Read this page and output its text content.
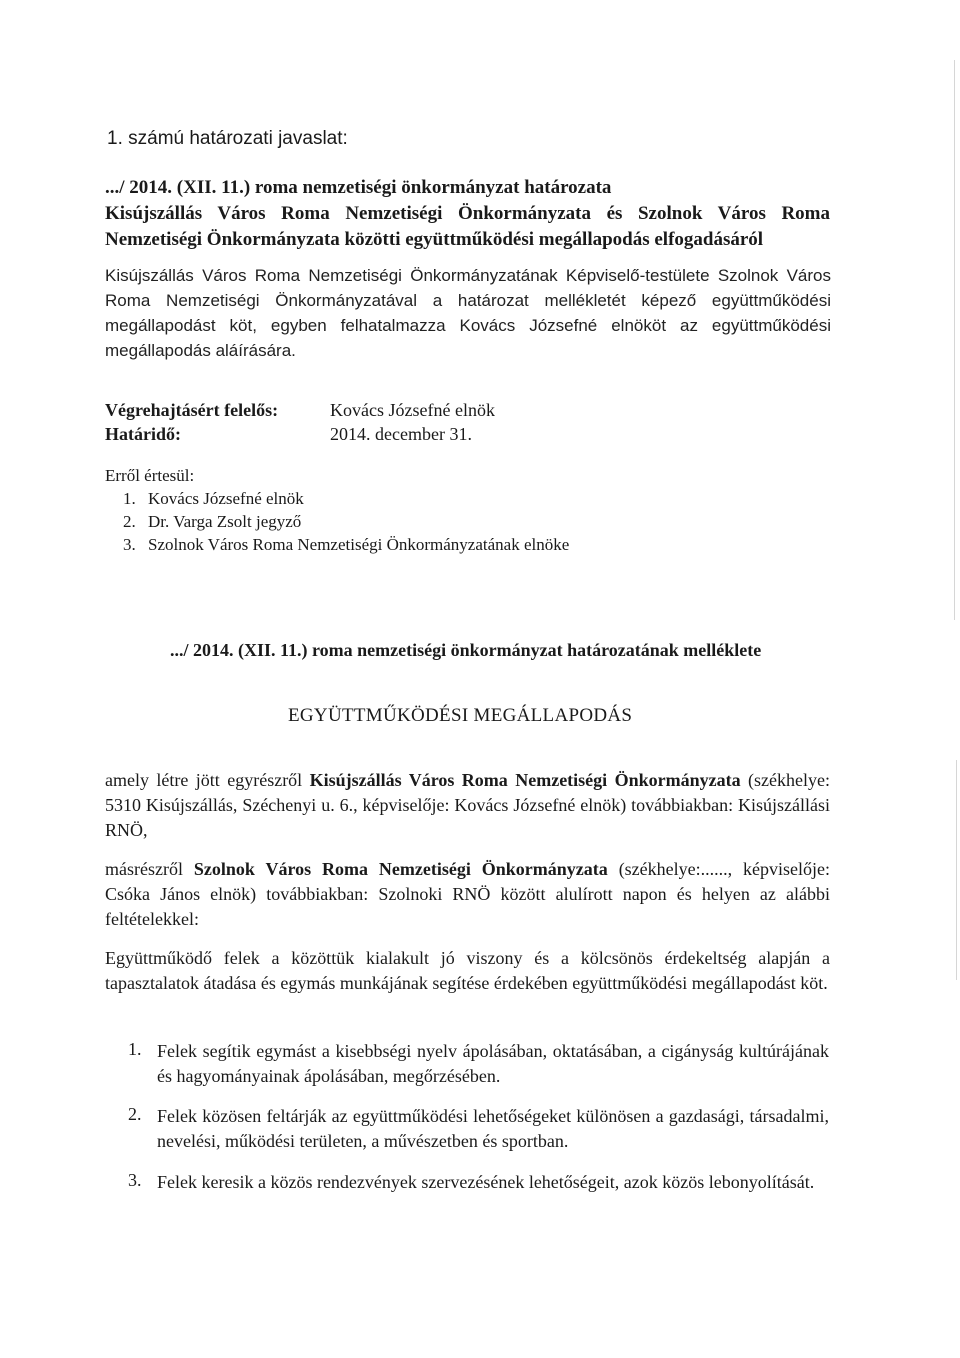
1. számú határozati javaslat:

.../ 2014. (XII. 11.) roma nemzetiségi önkormányzat határozata
Kisújszállás Város Roma Nemzetiségi Önkormányzata és Szolnok Város Roma
Nemzetiségi Önkormányzata közötti együttműködési megállapodás elfogadásáról

Kisújszállás Város Roma Nemzetiségi Önkormányzatának Képviselő-testülete Szolnok Város Roma Nemzetiségi Önkormányzatával a határozat mellékletét képező együttműködési megállapodást köt, egyben felhatalmazza Kovács Józsefné elnököt az együttműködési megállapodás aláírására.

Végrehajtásért felelős:	Kovács Józsefné elnök
Határidő:	2014. december 31.
Erről értesül:
1. Kovács Józsefné elnök
2. Dr. Varga Zsolt jegyző
3. Szolnok Város Roma Nemzetiségi Önkormányzatának elnöke

.../ 2014. (XII. 11.) roma nemzetiségi önkormányzat határozatának melléklete

EGYÜTTMŰKÖDÉSI MEGÁLLAPODÁS

amely létre jött egyrészről Kisújszállás Város Roma Nemzetiségi Önkormányzata (székhelye: 5310 Kisújszállás, Széchenyi u. 6., képviselője: Kovács Józsefné elnök) továbbiakban: Kisújszállási RNÖ,

másrészről Szolnok Város Roma Nemzetiségi Önkormányzata (székhelye:......, képviselője: Csóka János elnök) továbbiakban: Szolnoki RNÖ között alulírott napon és helyen az alábbi feltételekkel:

Együttműködő felek a közöttük kialakult jó viszony és a kölcsönös érdekeltség alapján a tapasztalatok átadása és egymás munkájának segítése érdekében együttműködési megállapodást köt.

1. Felek segítik egymást a kisebbségi nyelv ápolásában, oktatásában, a cigányság kultúrájának és hagyományainak ápolásában, megőrzésében.

2. Felek közösen feltárják az együttműködési lehetőségeket különösen a gazdasági, társadalmi, nevelési, működési területen, a művészetben és sportban.

3. Felek keresik a közös rendezvények szervezésének lehetőségeit, azok közös lebonyolítását.
